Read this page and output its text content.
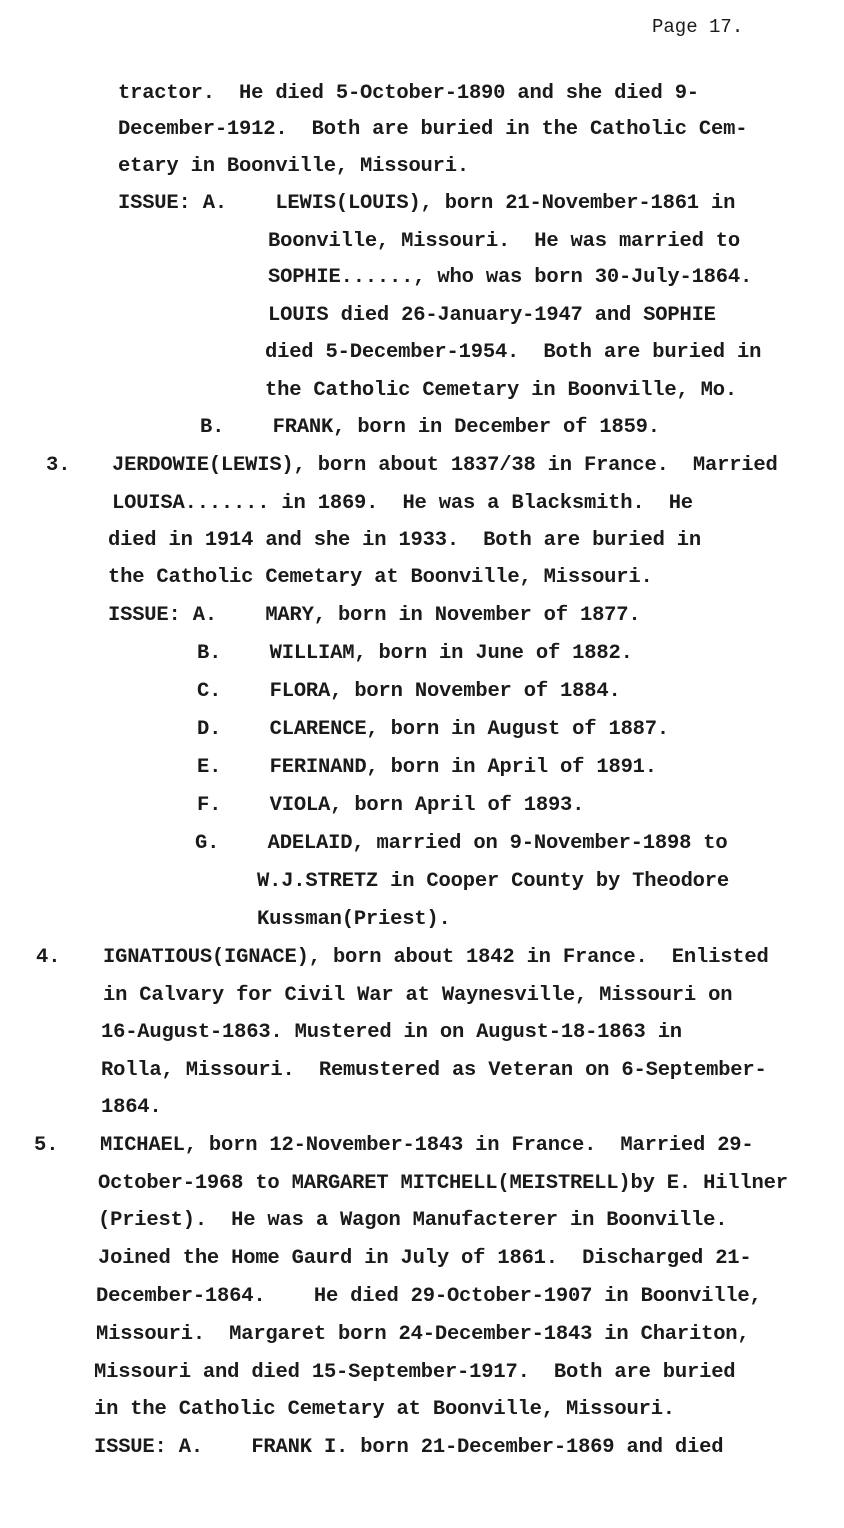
Page 17.
tractor.  He died 5-October-1890 and she died 9-
December-1912.  Both are buried in the Catholic Cem-
etary in Boonville, Missouri.
ISSUE: A.    LEWIS(LOUIS), born 21-November-1861 in
Boonville, Missouri.  He was married to
SOPHIE......, who was born 30-July-1864.
LOUIS died 26-January-1947 and SOPHIE
died 5-December-1954.  Both are buried in
the Catholic Cemetary in Boonville, Mo.
B.    FRANK, born in December of 1859.
JERDOWIE(LEWIS), born about 1837/38 in France.  Married
LOUISA....... in 1869.  He was a Blacksmith.  He
died in 1914 and she in 1933.  Both are buried in
the Catholic Cemetary at Boonville, Missouri.
ISSUE: A.    MARY, born in November of 1877.
B.    WILLIAM, born in June of 1882.
C.    FLORA, born November of 1884.
D.    CLARENCE, born in August of 1887.
E.    FERINAND, born in April of 1891.
F.    VIOLA, born April of 1893.
G.    ADELAID, married on 9-November-1898 to
W.J.STRETZ in Cooper County by Theodore
Kussman(Priest).
IGNATIOUS(IGNACE), born about 1842 in France.  Enlisted
in Calvary for Civil War at Waynesville, Missouri on
16-August-1863. Mustered in on August-18-1863 in
Rolla, Missouri.  Remustered as Veteran on 6-September-
1864.
MICHAEL, born 12-November-1843 in France.  Married 29-
October-1968 to MARGARET MITCHELL(MEISTRELL)by E. Hillner
(Priest).  He was a Wagon Manufacterer in Boonville.
Joined the Home Gaurd in July of 1861.  Discharged 21-
December-1864.    He died 29-October-1907 in Boonville,
Missouri.  Margaret born 24-December-1843 in Chariton,
Missouri and died 15-September-1917.  Both are buried
in the Catholic Cemetary at Boonville, Missouri.
ISSUE: A.    FRANK I. born 21-December-1869 and died
3.
4.
5.
